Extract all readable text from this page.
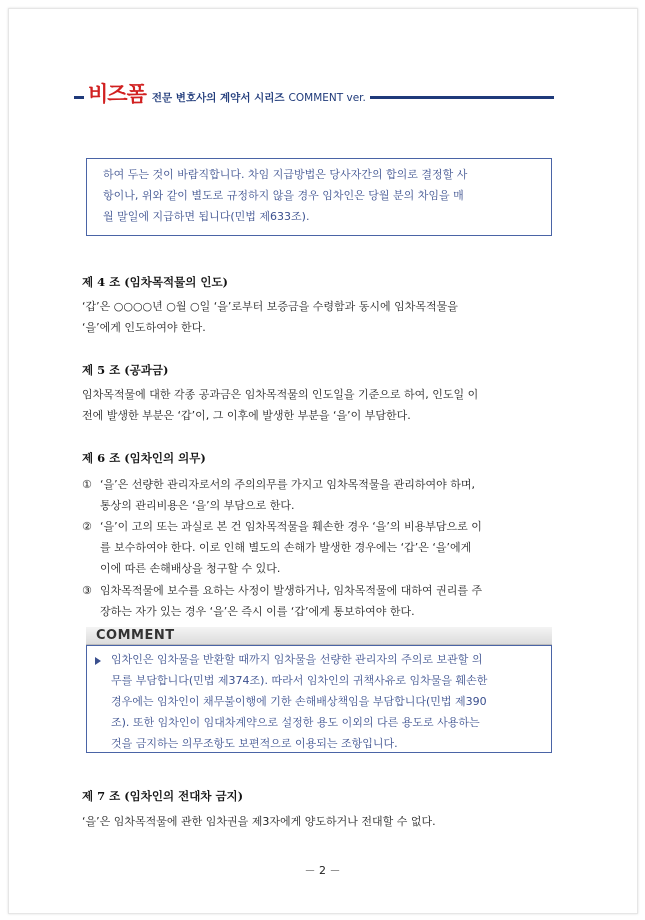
비즈폼 전문 변호사의 계약서 시리즈 COMMENT ver.

하여 두는 것이 바람직합니다. 차임 지급방법은 당사자간의 합의로 결정할 사

항이나, 위와 같이 별도로 규정하지 않을 경우 임차인은 당월 분의 차임을 매

월 말일에 지급하면 됩니다(민법 제633조).

제 4 조 (임차목적물의 인도)

‘갑’은 ○○○○년 ○월 ○일 ‘을’로부터 보증금을 수령함과 동시에 임차목적물을

‘을’에게 인도하여야 한다.

제 5 조 (공과금)

임차목적물에 대한 각종 공과금은 임차목적물의 인도일을 기준으로 하여, 인도일 이

전에 발생한 부분은 ‘갑’이, 그 이후에 발생한 부분을 ‘을’이 부담한다.

제 6 조 (임차인의 의무)
① ‘을’은 선량한 관리자로서의 주의의무를 가지고 임차목적물을 관리하여야 하며,
통상의 관리비용은 ‘을’의 부담으로 한다.
② ‘을’이 고의 또는 과실로 본 건 임차목적물을 훼손한 경우 ‘을’의 비용부담으로 이
를 보수하여야 한다. 이로 인해 별도의 손해가 발생한 경우에는 ‘갑’은 ‘을’에게
이에 따른 손해배상을 청구할 수 있다.
③ 임차목적물에 보수를 요하는 사정이 발생하거나, 임차목적물에 대하여 권리를 주
장하는 자가 있는 경우 ‘을’은 즉시 이를 ‘갑’에게 통보하여야 한다.
COMMENT

임차인은 임차물을 반환할 때까지 임차물을 선량한 관리자의 주의로 보관할 의

무를 부담합니다(민법 제374조). 따라서 임차인의 귀책사유로 임차물을 훼손한

경우에는 임차인이 채무불이행에 기한 손해배상책임을 부담합니다(민법 제390

조). 또한 임차인이 임대차계약으로 설정한 용도 이외의 다른 용도로 사용하는

것을 금지하는 의무조항도 보편적으로 이용되는 조항입니다.

제 7 조 (임차인의 전대차 금지)

‘을’은 임차목적물에 관한 임차권을 제3자에게 양도하거나 전대할 수 없다.

－ 2 －
